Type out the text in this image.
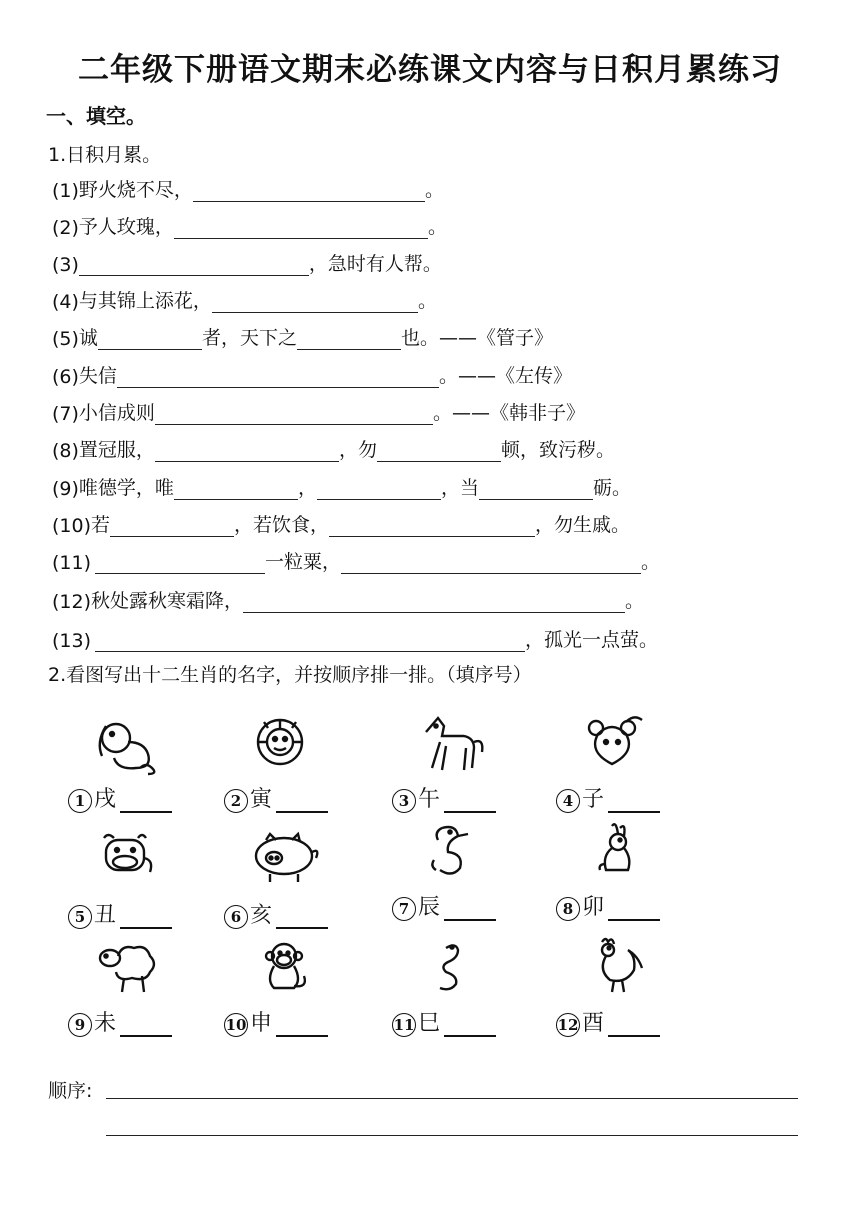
二年级下册语文期末必练课文内容与日积月累练习
一、填空。
1.日积月累。
(1) 野火烧不尽，	。
(2) 予人玫瑰，	。
(3)	，急时有人帮。
(4) 与其锦上添花，	。
(5) 诚	者，天下之	也。——《管子》
(6) 失信	。——《左传》
(7) 小信成则	。——《韩非子》
(8) 置冠服，	，勿	顿，致污秽。
(9) 唯德学，唯	，	，当	砺。
(10) 若	，若饮食，	，勿生戚。
(11)	一粒粟，	。
(12) 秋处露秋寒霜降，	。
(13)	，孤光一点萤。
2.看图写出十二生肖的名字，并按顺序排一排。（填序号）
1 戌	2 寅	3 午	4 子
5 丑	6 亥	7 辰	8 卯
9 未	10 申	11 巳	12 酉
顺序:
